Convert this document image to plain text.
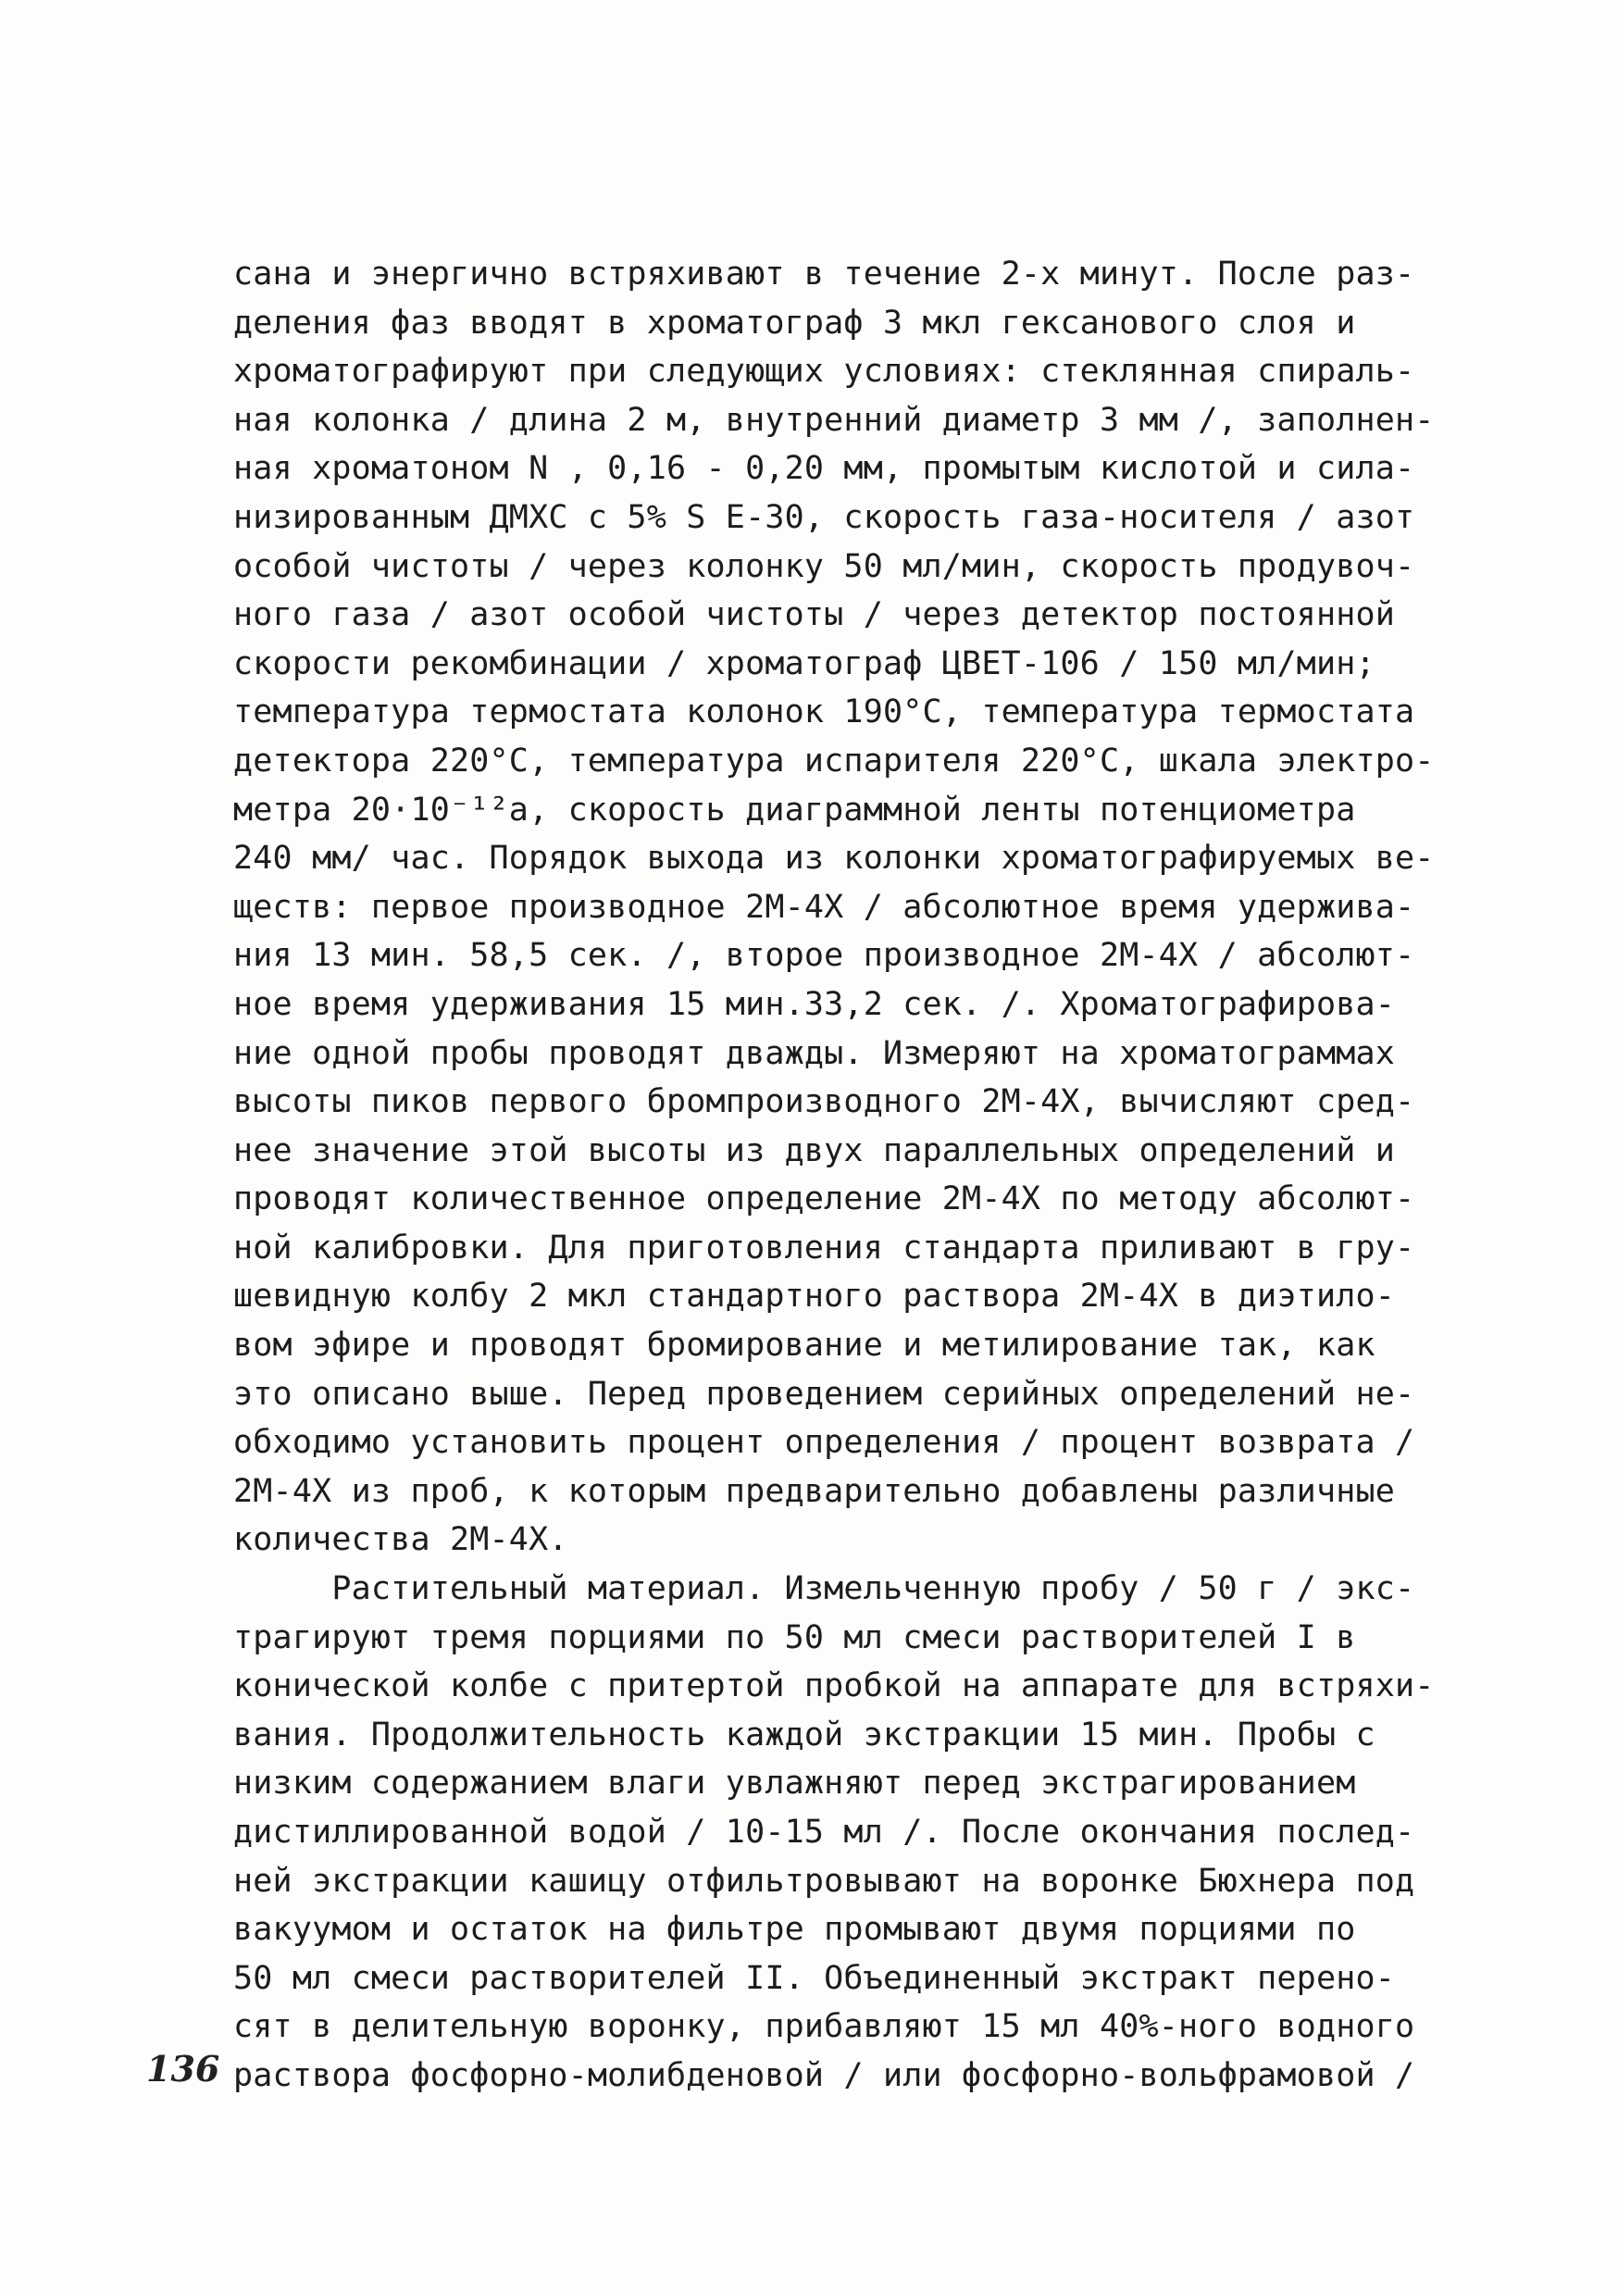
сана и энергично встряхивают в течение 2-х минут. После раз-
деления фаз вводят в хроматограф 3 мкл гексанового слоя и
хроматографируют при следующих условиях: стеклянная спираль-
ная колонка / длина 2 м, внутренний диаметр 3 мм /, заполнен-
ная хроматоном N , 0,16 - 0,20 мм, промытым кислотой и сила-
низированным ДМХС с 5% S Е-30, скорость газа-носителя / азот
особой чистоты / через колонку 50 мл/мин, скорость продувоч-
ного газа / азот особой чистоты / через детектор постоянной
скорости рекомбинации / хроматограф ЦВЕТ-106 / 150 мл/мин;
температура термостата колонок 190°С, температура термостата
детектора 220°С, температура испарителя 220°С, шкала электро-
метра 20·10⁻¹²а, скорость диаграммной ленты потенциометра
240 мм/ час. Порядок выхода из колонки хроматографируемых ве-
ществ: первое производное 2М-4Х / абсолютное время удержива-
ния 13 мин. 58,5 сек. /, второе производное 2М-4Х / абсолют-
ное время удерживания 15 мин.33,2 сек. /. Хроматографирова-
ние одной пробы проводят дважды. Измеряют на хроматограммах
высоты пиков первого бромпроизводного 2М-4Х, вычисляют сред-
нее значение этой высоты из двух параллельных определений и
проводят количественное определение 2М-4Х по методу абсолют-
ной калибровки. Для приготовления стандарта приливают в гру-
шевидную колбу 2 мкл стандартного раствора 2М-4Х в диэтило-
вом эфире и проводят бромирование и метилирование так, как
это описано выше. Перед проведением серийных определений не-
обходимо установить процент определения / процент возврата /
2М-4Х из проб, к которым предварительно добавлены различные
количества 2М-4Х.
Растительный материал. Измельченную пробу / 50 г / экс-
трагируют тремя порциями по 50 мл смеси растворителей I в
конической колбе с притертой пробкой на аппарате для встряхи-
вания. Продолжительность каждой экстракции 15 мин. Пробы с
низким содержанием влаги увлажняют перед экстрагированием
дистиллированной водой / 10-15 мл /. После окончания послед-
ней экстракции кашицу отфильтровывают на воронке Бюхнера под
вакуумом и остаток на фильтре промывают двумя порциями по
50 мл смеси растворителей II. Объединенный экстракт перено-
сят в делительную воронку, прибавляют 15 мл 40%-ного водного
раствора фосфорно-молибденовой / или фосфорно-вольфрамовой /
136
